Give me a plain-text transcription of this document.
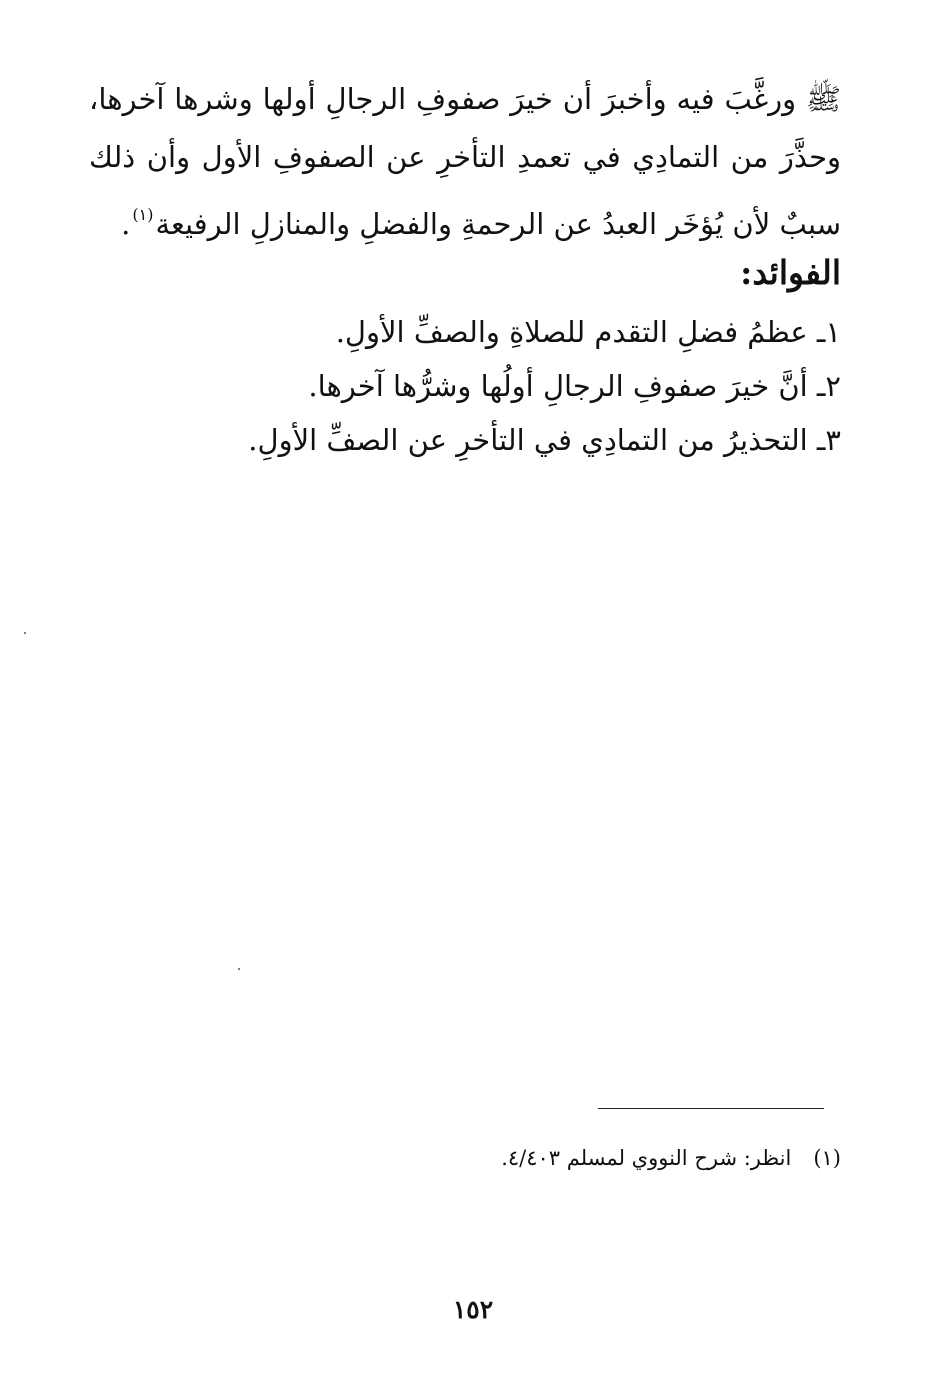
ﷺ ورغَّبَ فيه وأخبرَ أن خيرَ صفوفِ الرجالِ أولها وشرها آخرها،
وحذَّرَ من التمادِي في تعمدِ التأخرِ عن الصفوفِ الأول وأن ذلك
سببٌ لأن يُؤخَر العبدُ عن الرحمةِ والفضلِ والمنازلِ الرفيعة$^{(١)}$.
الفوائد:
١ـ عظمُ فضلِ التقدم للصلاةِ والصفِّ الأولِ.
٢ـ أنَّ خيرَ صفوفِ الرجالِ أولُها وشرُّها آخرها.
٣ـ التحذيرُ من التمادِي في التأخرِ عن الصفِّ الأولِ.
(١)انظر: شرح النووي لمسلم ٤/٤٠٣.
١٥٢
